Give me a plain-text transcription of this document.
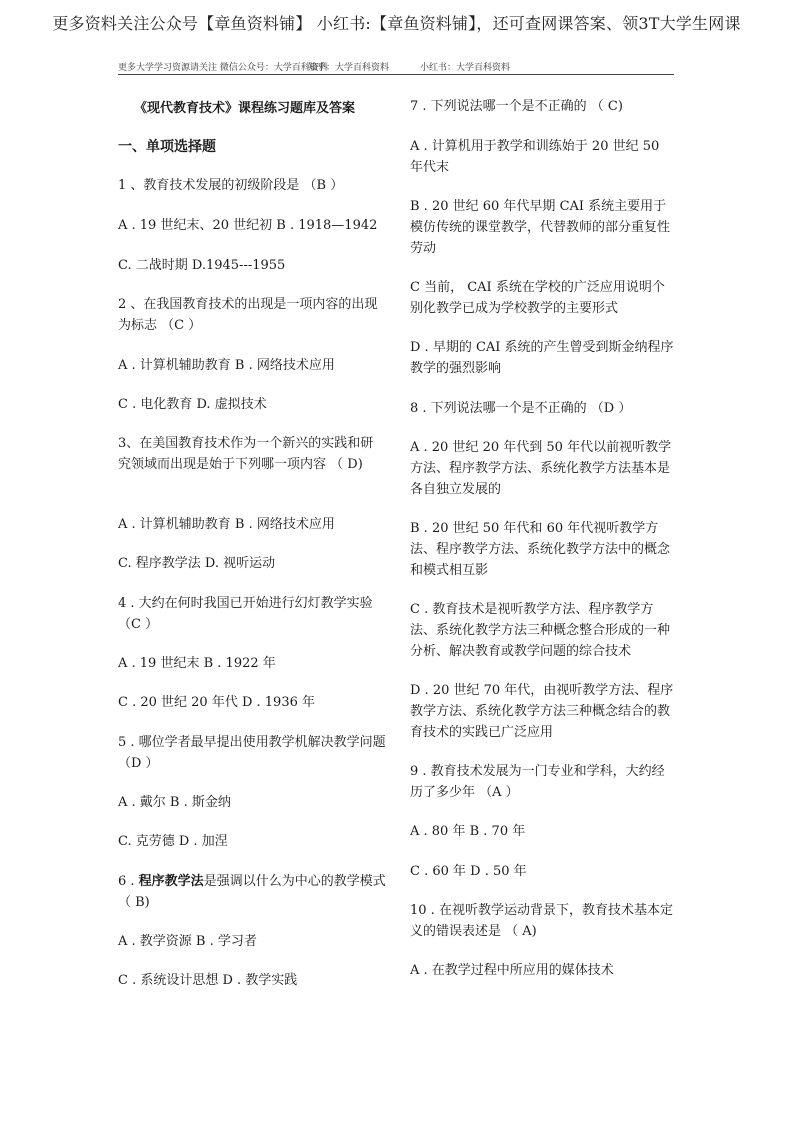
更多资料关注公众号【章鱼资料铺】 小红书:【章鱼资料铺】，还可查网课答案、领3T大学生网课
更多大学学习资源请关注 微信公众号：大学百科资料
知乎：大学百科资料	小红书：大学百科资料
《现代教育技术》课程练习题库及答案
一、单项选择题
1 、教育技术发展的初级阶段是 （B ）
A . 19 世纪末、20 世纪初 B . 1918—1942
C. 二战时期 D.1945---1955
2 、在我国教育技术的出现是一项内容的出现为标志 （C ）
A . 计算机辅助教育 B . 网络技术应用
C . 电化教育 D. 虚拟技术
3、在美国教育技术作为一个新兴的实践和研究领域而出现是始于下列哪一项内容 （ D)
A . 计算机辅助教育 B . 网络技术应用
C. 程序教学法 D. 视听运动
4 . 大约在何时我国已开始进行幻灯教学实验 （C ）
A . 19 世纪末 B . 1922 年
C . 20 世纪 20 年代 D . 1936 年
5 . 哪位学者最早提出使用教学机解决教学问题 （D ）
A . 戴尔 B . 斯金纳
C. 克劳德 D . 加涅
6 . 程序教学法是强调以什么为中心的教学模式 （ B)
A . 教学资源 B . 学习者
C . 系统设计思想 D . 教学实践
7 . 下列说法哪一个是不正确的 （ C)
A . 计算机用于教学和训练始于 20 世纪 50 年代末
B . 20 世纪 60 年代早期 CAI 系统主要用于模仿传统的课堂教学，代替教师的部分重复性劳动
C 当前， CAI 系统在学校的广泛应用说明个别化教学已成为学校教学的主要形式
D . 早期的 CAI 系统的产生曾受到斯金纳程序教学的强烈影响
8 . 下列说法哪一个是不正确的 （D ）
A . 20 世纪 20 年代到 50 年代以前视听教学方法、程序教学方法、系统化教学方法基本是各自独立发展的
B . 20 世纪 50 年代和 60 年代视听教学方法、程序教学方法、系统化教学方法中的概念和模式相互影
C . 教育技术是视听教学方法、程序教学方法、系统化教学方法三种概念整合形成的一种分析、解决教育或教学问题的综合技术
D . 20 世纪 70 年代，由视听教学方法、程序教学方法、系统化教学方法三种概念结合的教育技术的实践已广泛应用
9 . 教育技术发展为一门专业和学科，大约经历了多少年 （A ）
A . 80 年 B . 70 年
C . 60 年 D . 50 年
10 . 在视听教学运动背景下，教育技术基本定义的错误表述是 （ A)
A . 在教学过程中所应用的媒体技术
